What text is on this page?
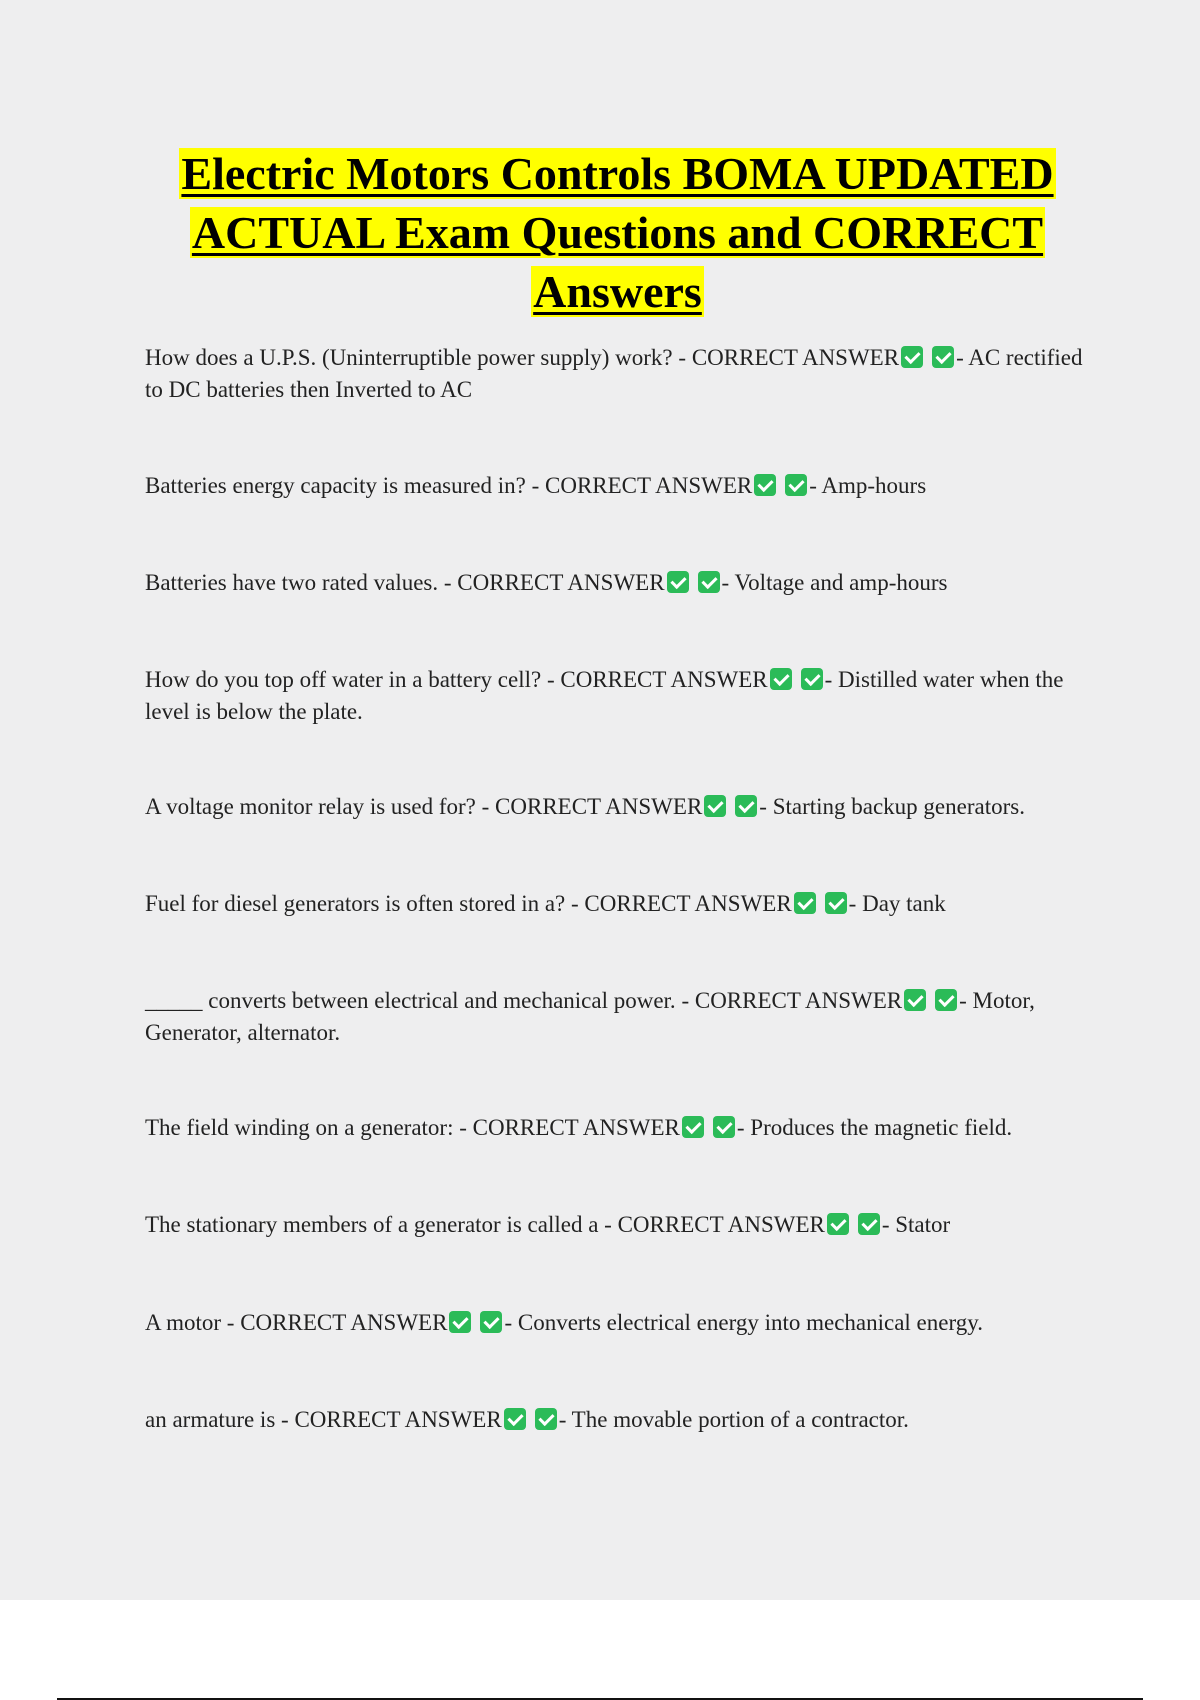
Electric Motors Controls BOMA UPDATED
ACTUAL Exam Questions and CORRECT
Answers
How does a U.P.S. (Uninterruptible power supply) work? - CORRECT ANSWER - AC rectified to DC batteries then Inverted to AC
Batteries energy capacity is measured in? - CORRECT ANSWER - Amp-hours
Batteries have two rated values. - CORRECT ANSWER - Voltage and amp-hours
How do you top off water in a battery cell? - CORRECT ANSWER - Distilled water when the level is below the plate.
A voltage monitor relay is used for? - CORRECT ANSWER - Starting backup generators.
Fuel for diesel generators is often stored in a? - CORRECT ANSWER - Day tank
_____ converts between electrical and mechanical power. - CORRECT ANSWER - Motor, Generator, alternator.
The field winding on a generator: - CORRECT ANSWER - Produces the magnetic field.
The stationary members of a generator is called a - CORRECT ANSWER - Stator
A motor - CORRECT ANSWER - Converts electrical energy into mechanical energy.
an armature is - CORRECT ANSWER - The movable portion of a contractor.
